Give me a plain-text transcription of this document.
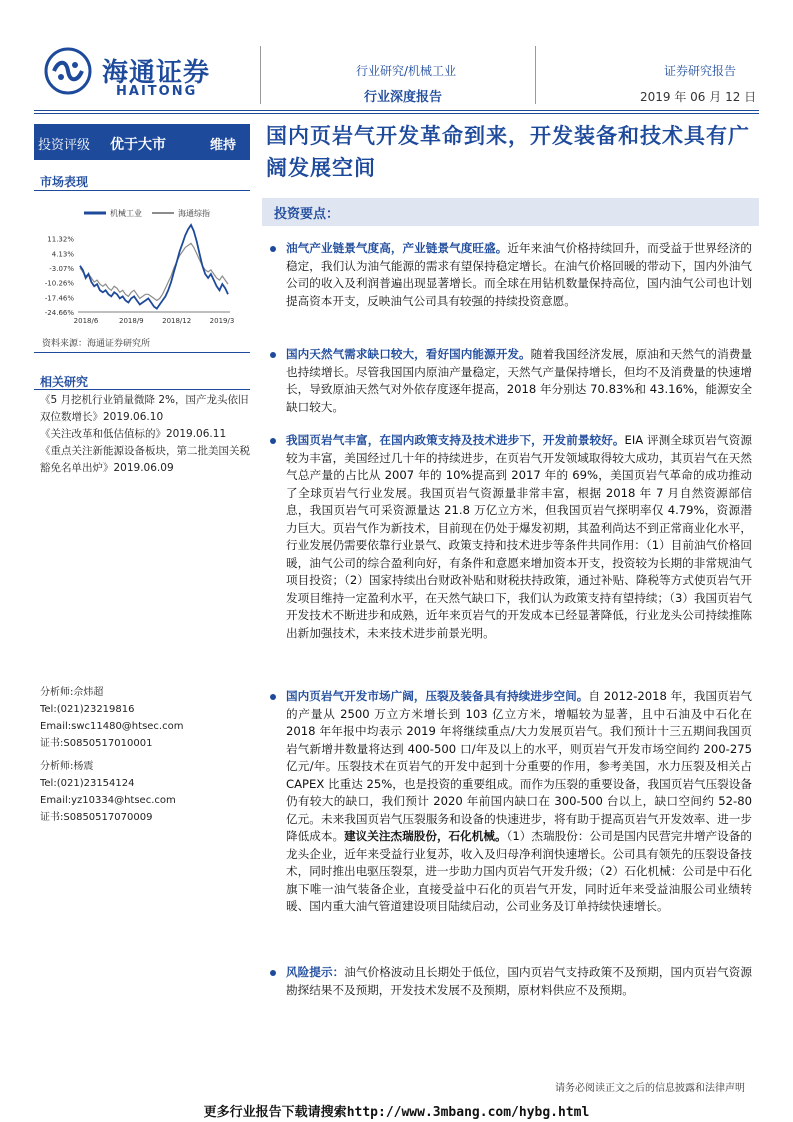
海通证券
HAITONG
行业研究/机械工业
行业深度报告
证券研究报告
2019 年 06 月 12 日
投资评级 优于大市	维持
市场表现
机械工业	海通综指
11.32%
4.13%
-3.07%
-10.26%
-17.46%
-24.66%
2018/6	2018/9	2018/12	2019/3
资料来源：海通证券研究所
相关研究
《5 月挖机行业销量微降 2%，国产龙头依旧双位数增长》2019.06.10
《关注改革和低估值标的》2019.06.11
《重点关注新能源设备板块，第二批美国关税豁免名单出炉》2019.06.09
分析师:佘炜超
Tel:(021)23219816
Email:swc11480@htsec.com
证书:S0850517010001
分析师:杨震
Tel:(021)23154124
Email:yz10334@htsec.com
证书:S0850517070009
国内页岩气开发革命到来，开发装备和技术具有广阔发展空间
投资要点：
油气产业链景气度高，产业链景气度旺盛。近年来油气价格持续回升，而受益于世界经济的稳定，我们认为油气能源的需求有望保持稳定增长。在油气价格回暖的带动下，国内外油气公司的收入及利润普遍出现显著增长。而全球在用钻机数量保持高位，国内油气公司也计划提高资本开支，反映油气公司具有较强的持续投资意愿。
国内天然气需求缺口较大，看好国内能源开发。随着我国经济发展，原油和天然气的消费量也持续增长。尽管我国国内原油产量稳定，天然气产量保持增长，但均不及消费量的快速增长，导致原油天然气对外依存度逐年提高，2018 年分别达 70.83%和 43.16%，能源安全缺口较大。
我国页岩气丰富，在国内政策支持及技术进步下，开发前景较好。EIA 评测全球页岩气资源较为丰富，美国经过几十年的持续进步，在页岩气开发领域取得较大成功，其页岩气在天然气总产量的占比从 2007 年的 10%提高到 2017 年的 69%，美国页岩气革命的成功推动了全球页岩气行业发展。我国页岩气资源量非常丰富，根据 2018 年 7 月自然资源部信息，我国页岩气可采资源量达 21.8 万亿立方米，但我国页岩气探明率仅 4.79%，资源潜力巨大。页岩气作为新技术，目前现在仍处于爆发初期，其盈利尚达不到正常商业化水平，行业发展仍需要依靠行业景气、政策支持和技术进步等条件共同作用：（1）目前油气价格回暖，油气公司的综合盈利向好，有条件和意愿来增加资本开支，投资较为长期的非常规油气项目投资；（2）国家持续出台财政补贴和财税扶持政策，通过补贴、降税等方式使页岩气开发项目维持一定盈利水平，在天然气缺口下，我们认为政策支持有望持续；（3）我国页岩气开发技术不断进步和成熟，近年来页岩气的开发成本已经显著降低，行业龙头公司持续推陈出新加强技术，未来技术进步前景光明。
国内页岩气开发市场广阔，压裂及装备具有持续进步空间。自 2012-2018 年，我国页岩气的产量从 2500 万立方米增长到 103 亿立方米，增幅较为显著，且中石油及中石化在 2018 年年报中均表示 2019 年将继续重点/大力发展页岩气。我们预计十三五期间我国页岩气新增井数量将达到 400-500 口/年及以上的水平，则页岩气开发市场空间约 200-275 亿元/年。压裂技术在页岩气的开发中起到十分重要的作用，参考美国，水力压裂及相关占 CAPEX 比重达 25%，也是投资的重要组成。而作为压裂的重要设备，我国页岩气压裂设备仍有较大的缺口，我们预计 2020 年前国内缺口在 300-500 台以上，缺口空间约 52-80 亿元。未来我国页岩气压裂服务和设备的快速进步，将有助于提高页岩气开发效率、进一步降低成本。建议关注杰瑞股份，石化机械。（1）杰瑞股份：公司是国内民营完井增产设备的龙头企业，近年来受益行业复苏，收入及归母净利润快速增长。公司具有领先的压裂设备技术，同时推出电驱压裂泵，进一步助力国内页岩气开发升级；（2）石化机械：公司是中石化旗下唯一油气装备企业，直接受益中石化的页岩气开发，同时近年来受益油服公司业绩转暖、国内重大油气管道建设项目陆续启动，公司业务及订单持续快速增长。
风险提示：油气价格波动且长期处于低位，国内页岩气支持政策不及预期，国内页岩气资源勘探结果不及预期，开发技术发展不及预期，原材料供应不及预期。
请务必阅读正文之后的信息披露和法律声明
更多行业报告下载请搜索http://www.3mbang.com/hybg.html
